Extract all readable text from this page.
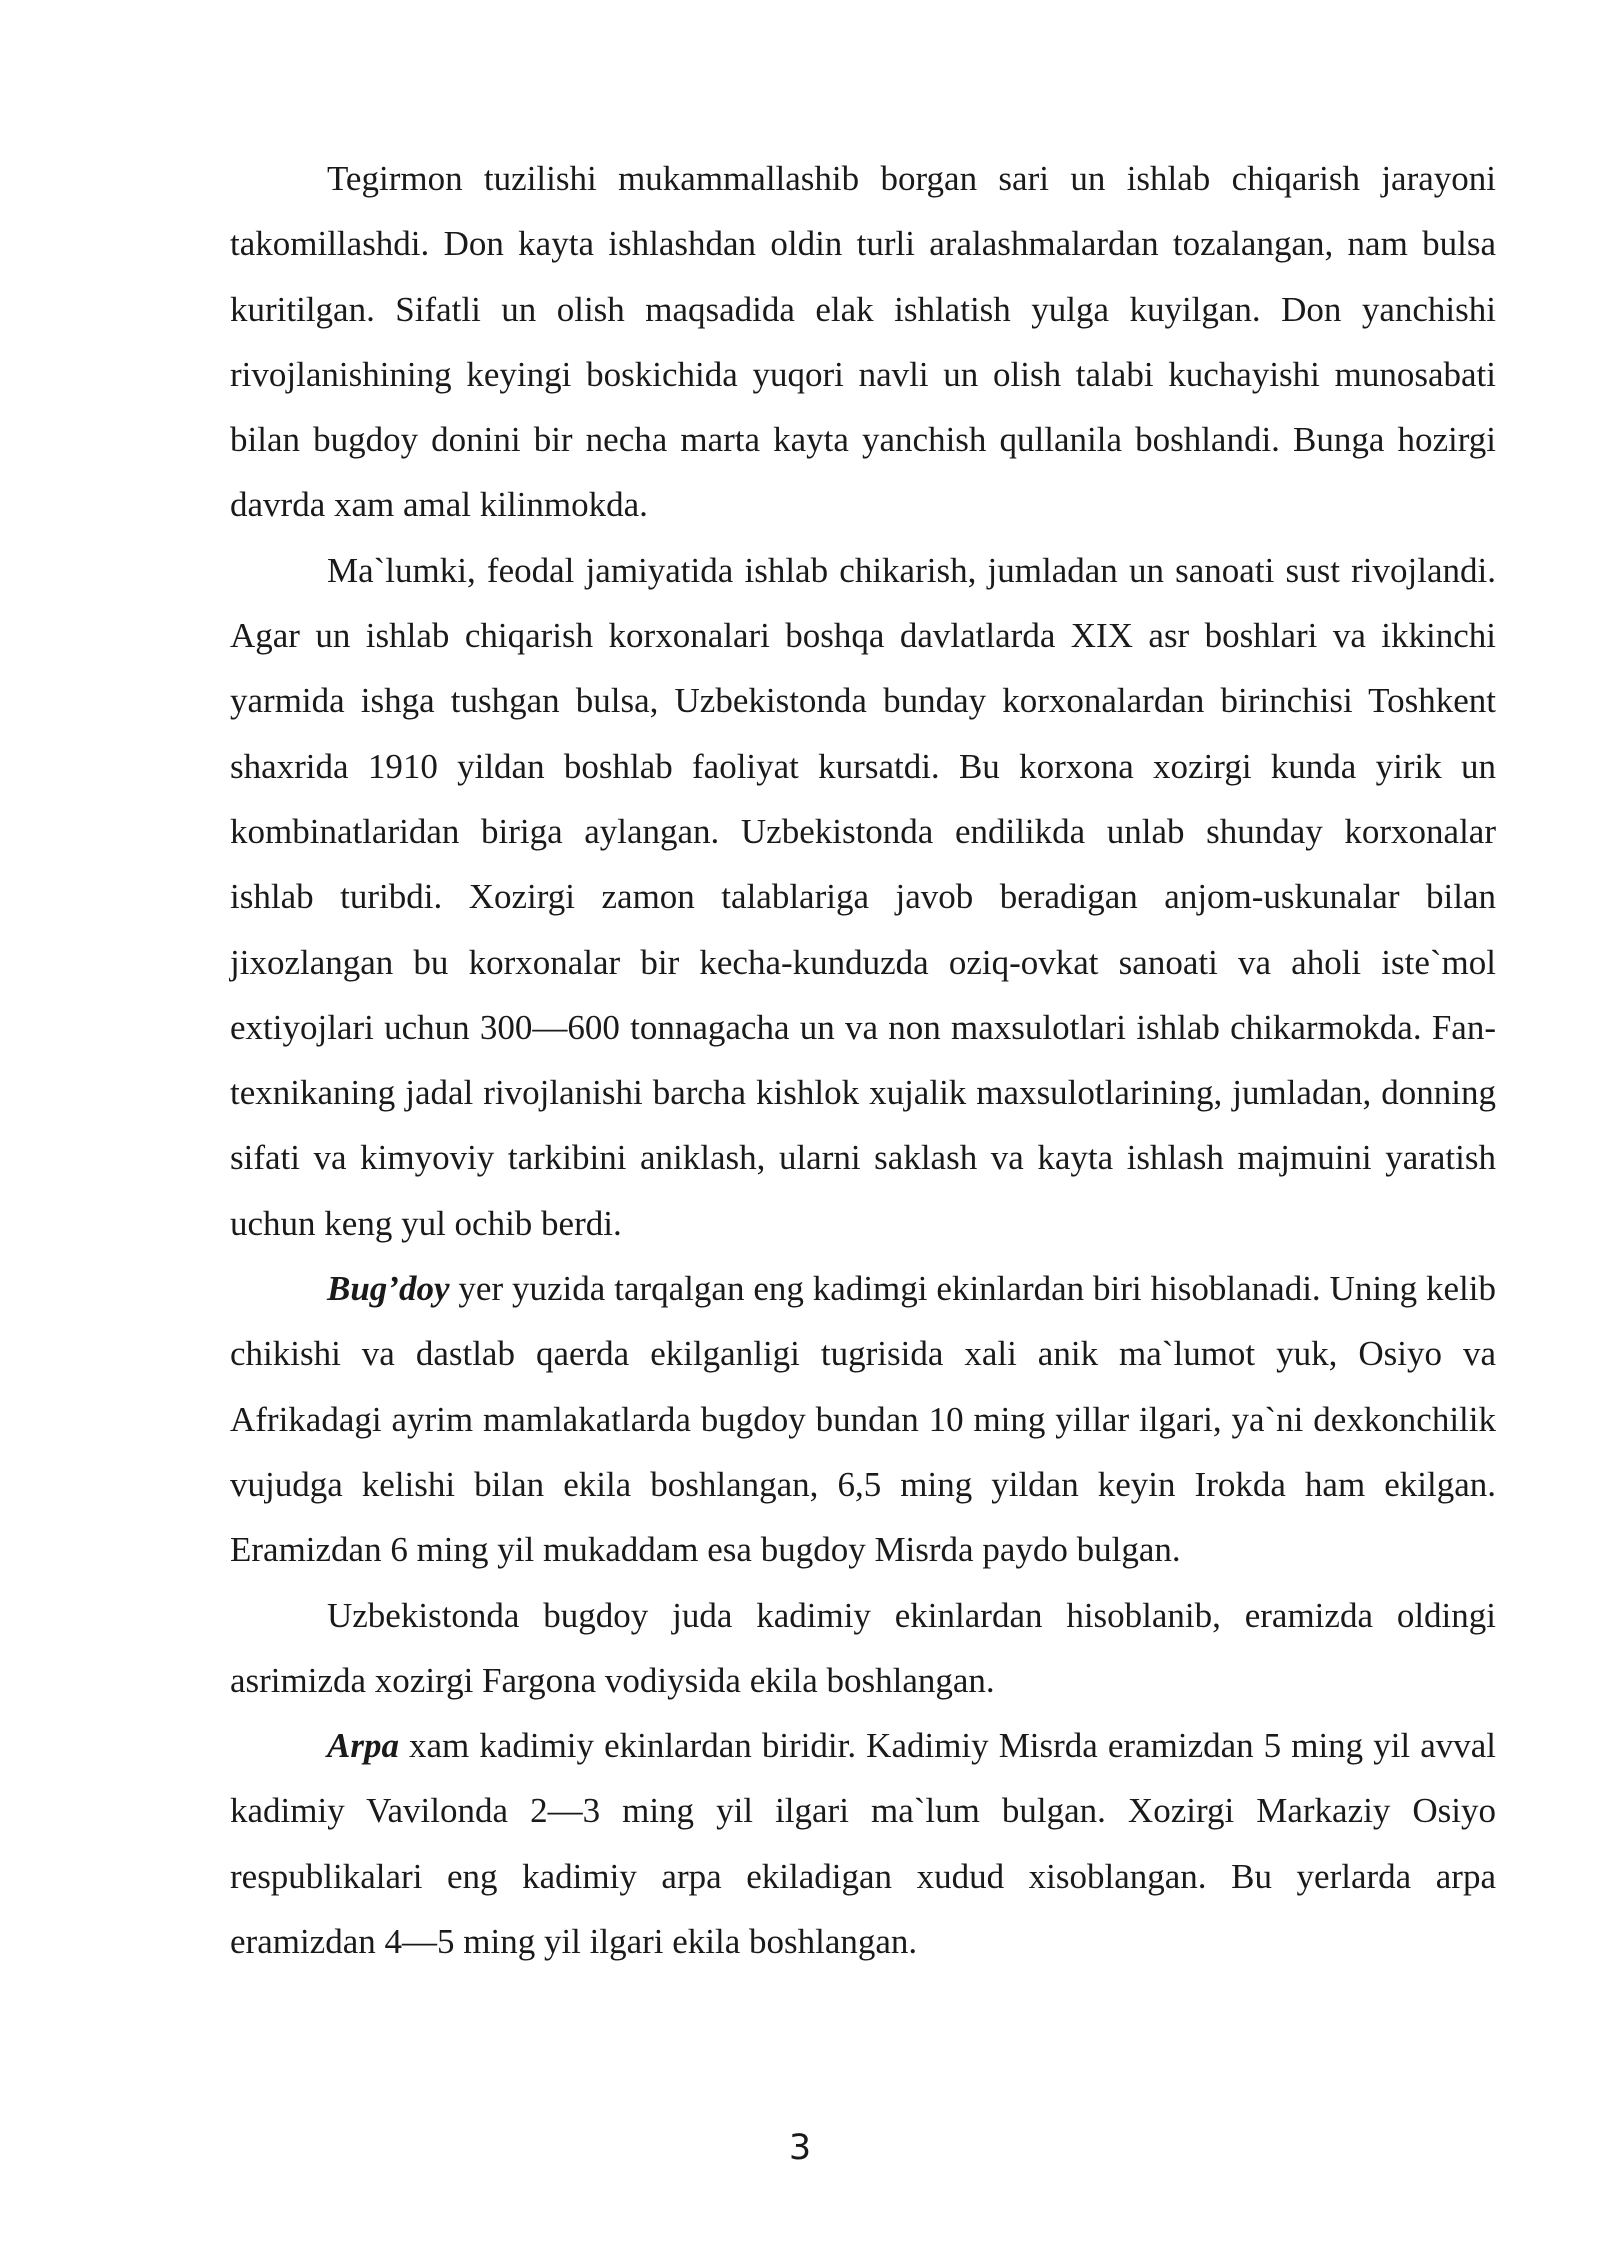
Tegirmon tuzilishi mukammallashib borgan sari un ishlab chiqarish jarayoni takomillashdi. Don kayta ishlashdan oldin turli aralashmalardan tozalangan, nam bulsa kuritilgan. Sifatli un olish maqsadida elak ishlatish yulga kuyilgan. Don yanchishi rivojlanishining keyingi boskichida yuqori navli un olish talabi kuchayishi munosabati bilan bugdoy donini bir necha marta kayta yanchish qullanila boshlandi. Bunga hozirgi davrda xam amal kilinmokda.

Ma`lumki, feodal jamiyatida ishlab chikarish, jumladan un sanoati sust rivojlandi. Agar un ishlab chiqarish korxonalari boshqa davlatlarda XIX asr boshlari va ikkinchi yarmida ishga tushgan bulsa, Uzbekistonda bunday korxonalardan birinchisi Toshkent shaxrida 1910 yildan boshlab faoliyat kursatdi. Bu korxona xozirgi kunda yirik un kombinatlaridan biriga aylangan. Uzbekistonda endilikda unlab shunday korxonalar ishlab turibdi. Xozirgi zamon talablariga javob beradigan anjom-uskunalar bilan jixozlangan bu korxonalar bir kecha-kunduzda oziq-ovkat sanoati va aholi iste`mol extiyojlari uchun 300—600 tonnagacha un va non maxsulotlari ishlab chikarmokda. Fan-texnikaning jadal rivojlanishi barcha kishlok xujalik maxsulotlarining, jumladan, donning sifati va kimyoviy tarkibini aniklash, ularni saklash va kayta ishlash majmuini yaratish uchun keng yul ochib berdi.

Bug’doy yer yuzida tarqalgan eng kadimgi ekinlardan biri hisoblanadi. Uning kelib chikishi va dastlab qaerda ekilganligi tugrisida xali anik ma`lumot yuk, Osiyo va Afrikadagi ayrim mamlakatlarda bugdoy bundan 10 ming yillar ilgari, ya`ni dexkonchilik vujudga kelishi bilan ekila boshlangan, 6,5 ming yildan keyin Irokda ham ekilgan. Eramizdan 6 ming yil mukaddam esa bugdoy Misrda paydo bulgan.

Uzbekistonda bugdoy juda kadimiy ekinlardan hisoblanib, eramizda oldingi asrimizda xozirgi Fargona vodiysida ekila boshlangan.

Arpa xam kadimiy ekinlardan biridir. Kadimiy Misrda eramizdan 5 ming yil avval kadimiy Vavilonda 2—3 ming yil ilgari ma`lum bulgan. Xozirgi Markaziy Osiyo respublikalari eng kadimiy arpa ekiladigan xudud xisoblangan. Bu yerlarda arpa eramizdan 4—5 ming yil ilgari ekila boshlangan.

3
